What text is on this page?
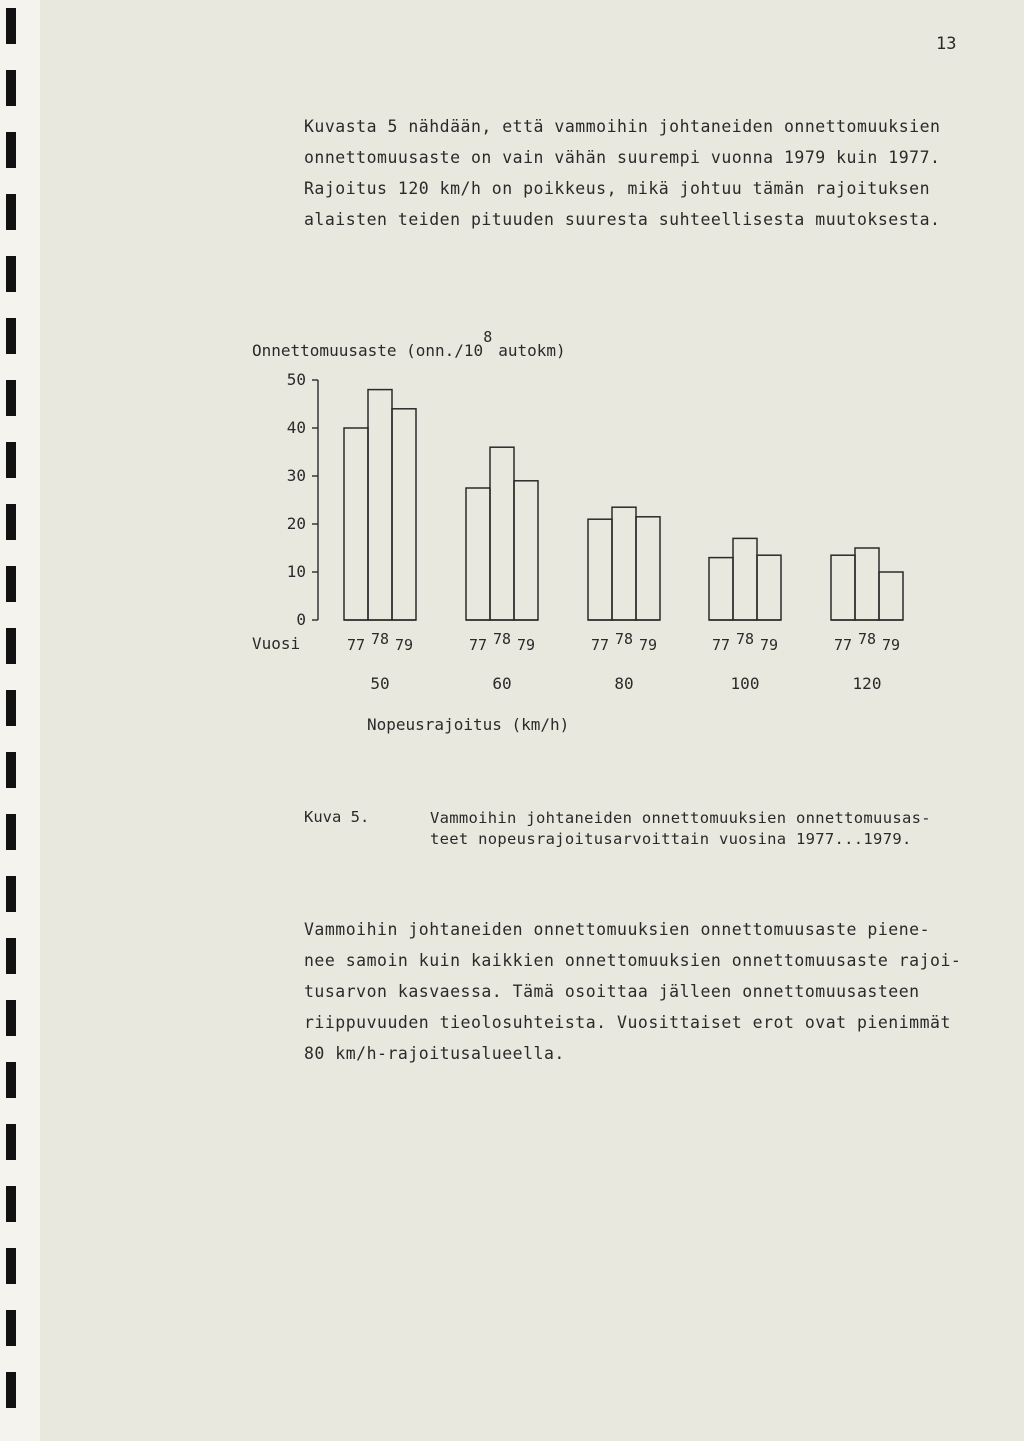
13
Kuvasta 5 nähdään, että vammoihin johtaneiden onnettomuuksien
onnettomuusaste on vain vähän suurempi vuonna 1979 kuin 1977.
Rajoitus 120 km/h on poikkeus, mikä johtuu tämän rajoituksen
alaisten teiden pituuden suuresta suhteellisesta muutoksesta.
Onnettomuusaste (onn./108autokm)
0
10
20
30
40
50
Vuosi	77 78 79	77 78 79	77 78 79	77 78 79	77 78 79
50	60	80	100	120
Nopeusrajoitus (km/h)
Kuva 5.	Vammoihin johtaneiden onnettomuuksien onnettomuusas-
teet nopeusrajoitusarvoittain vuosina 1977...1979.
Vammoihin johtaneiden onnettomuuksien onnettomuusaste piene-
nee samoin kuin kaikkien onnettomuuksien onnettomuusaste rajoi-
tusarvon kasvaessa. Tämä osoittaa jälleen onnettomuusasteen
riippuvuuden tieolosuhteista. Vuosittaiset erot ovat pienimmät
80 km/h-rajoitusalueella.
